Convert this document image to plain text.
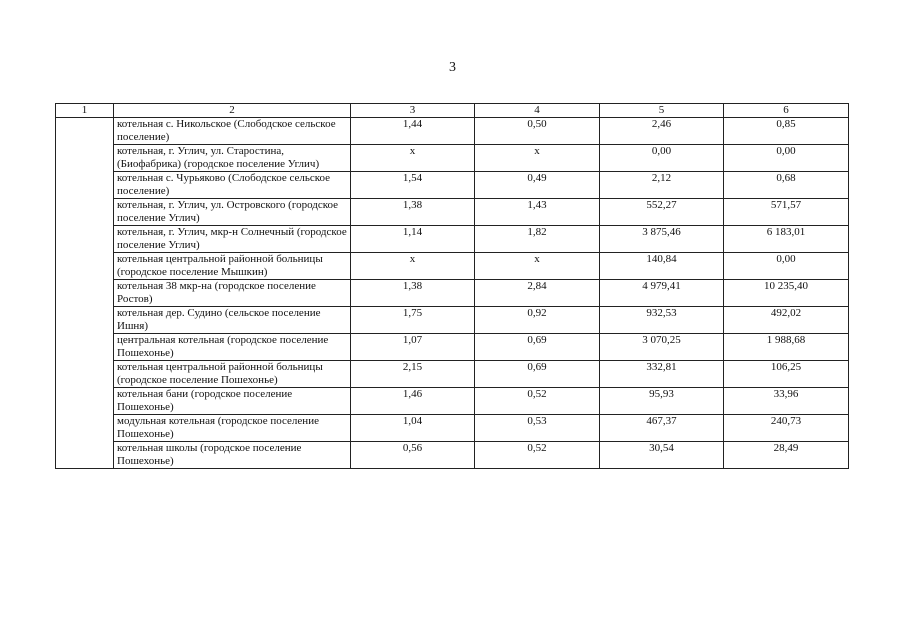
3
1	2	3	4	5	6
	котельная с. Никольское (Слободское сельское поселение)	1,44	0,50	2,46	0,85
	котельная, г. Углич, ул. Старостина, (Биофабрика) (городское поселение Углич)	х	х	0,00	0,00
	котельная с. Чурьяково (Слободское сельское поселение)	1,54	0,49	2,12	0,68
	котельная, г. Углич, ул. Островского (городское поселение Углич)	1,38	1,43	552,27	571,57
	котельная, г. Углич, мкр-н Солнечный (городское поселение Углич)	1,14	1,82	3 875,46	6 183,01
	котельная центральной районной больницы (городское поселение Мышкин)	х	х	140,84	0,00
	котельная 38 мкр-на (городское поселение Ростов)	1,38	2,84	4 979,41	10 235,40
	котельная дер. Судино (сельское поселение Ишня)	1,75	0,92	932,53	492,02
	центральная котельная (городское поселение Пошехонье)	1,07	0,69	3 070,25	1 988,68
	котельная центральной районной больницы (городское поселение Пошехонье)	2,15	0,69	332,81	106,25
	котельная бани (городское поселение Пошехонье)	1,46	0,52	95,93	33,96
	модульная котельная (городское поселение Пошехонье)	1,04	0,53	467,37	240,73
	котельная школы (городское поселение Пошехонье)	0,56	0,52	30,54	28,49
